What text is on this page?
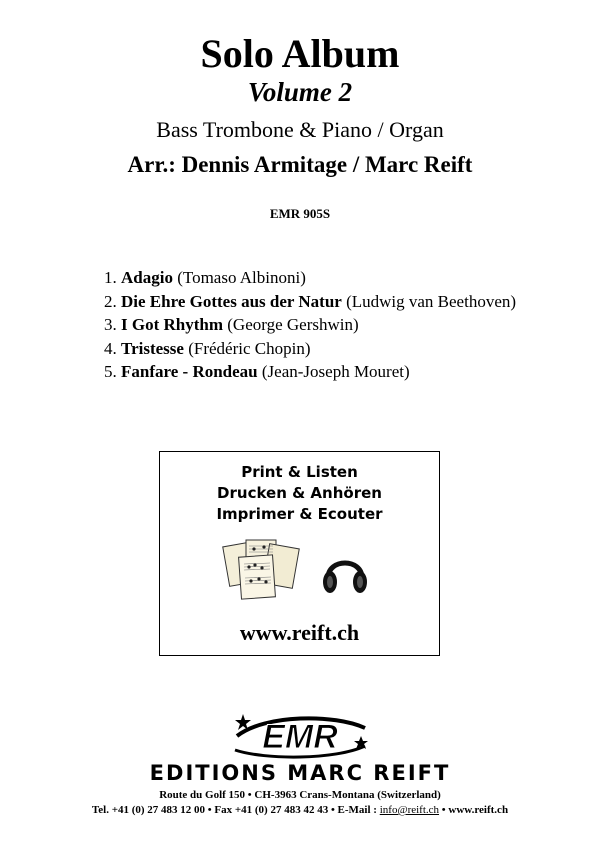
Solo Album
Volume 2
Bass Trombone & Piano / Organ
Arr.: Dennis Armitage / Marc Reift
EMR 905S
1. Adagio (Tomaso Albinoni)
2. Die Ehre Gottes aus der Natur (Ludwig van Beethoven)
3. I Got Rhythm (George Gershwin)
4. Tristesse (Frédéric Chopin)
5. Fanfare - Rondeau (Jean-Joseph Mouret)
Print & Listen
Drucken & Anhören
Imprimer & Ecouter
www.reift.ch
EMR
EDITIONS MARC REIFT
Route du Golf 150 • CH-3963 Crans-Montana (Switzerland)
Tel. +41 (0) 27 483 12 00 • Fax +41 (0) 27 483 42 43 • E-Mail : info@reift.ch • www.reift.ch
